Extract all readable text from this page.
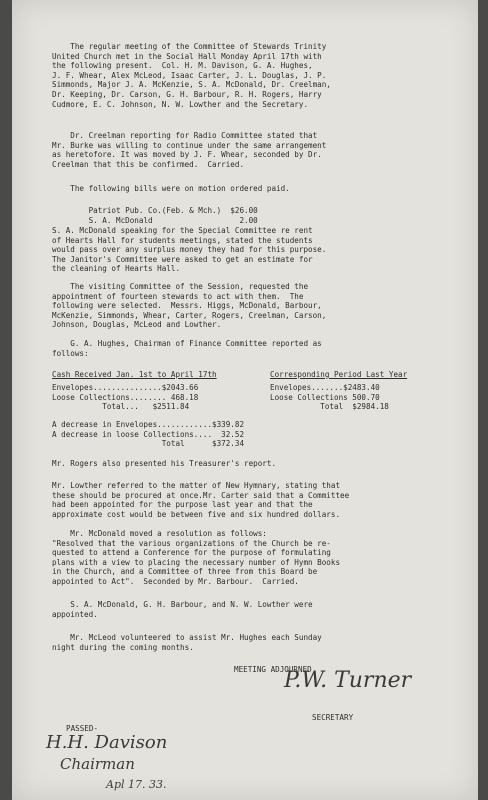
The regular meeting of the Committee of Stewards Trinity
United Church met in the Social Hall Monday April 17th with
the following present.  Col. H. M. Davison, G. A. Hughes,
J. F. Whear, Alex McLeod, Isaac Carter, J. L. Douglas, J. P.
Simmonds, Major J. A. McKenzie, S. A. McDonald, Dr. Creelman,
Dr. Keeping, Dr. Carson, G. H. Barbour, R. H. Rogers, Harry
Cudmore, E. C. Johnson, N. W. Lowther and the Secretary.
Dr. Creelman reporting for Radio Committee stated that
Mr. Burke was willing to continue under the same arrangement
as heretofore. It was moved by J. F. Whear, seconded by Dr.
Creelman that this be confirmed.  Carried.
The following bills were on motion ordered paid.
Patriot Pub. Co.(Feb. & Mch.)  $26.00
S. A. McDonald                   2.00
S. A. McDonald speaking for the Special Committee re rent
of Hearts Hall for students meetings, stated the students
would pass over any surplus money they had for this purpose.
The Janitor's Committee were asked to get an estimate for
the cleaning of Hearts Hall.
The visiting Committee of the Session, requested the
appointment of fourteen stewards to act with them.  The
following were selected.  Messrs. Higgs, McDonald, Barbour,
McKenzie, Simmonds, Whear, Carter, Rogers, Creelman, Carson,
Johnson, Douglas, McLeod and Lowther.
G. A. Hughes, Chairman of Finance Committee reported as
follows:
Cash Received Jan. 1st to April 17th
Envelopes...............$2043.66
Loose Collections........ 468.18
Total...   $2511.84
Corresponding Period Last Year
Envelopes.......$2483.40
Loose Collections 500.70
Total  $2984.18
A decrease in Envelopes............$339.82
A decrease in loose Collections....  32.52
Total      $372.34
Mr. Rogers also presented his Treasurer's report.
Mr. Lowther referred to the matter of New Hymnary, stating that
these should be procured at once.Mr. Carter said that a Committee
had been appointed for the purpose last year and that the
approximate cost would be between five and six hundred dollars.
Mr. McDonald moved a resolution as follows:
"Resolved that the various organizations of the Church be re-
quested to attend a Conference for the purpose of formulating
plans with a view to placing the necessary number of Hymn Books
in the Church, and a Committee of three from this Board be
appointed to Act".  Seconded by Mr. Barbour.  Carried.
S. A. McDonald, G. H. Barbour, and N. W. Lowther were
appointed.
Mr. McLeod volunteered to assist Mr. Hughes each Sunday
night during the coming months.
MEETING ADJOURNED
P.W. Turner
SECRETARY
PASSED-
H.H. Davison
Chairman
Apl 17. 33.
